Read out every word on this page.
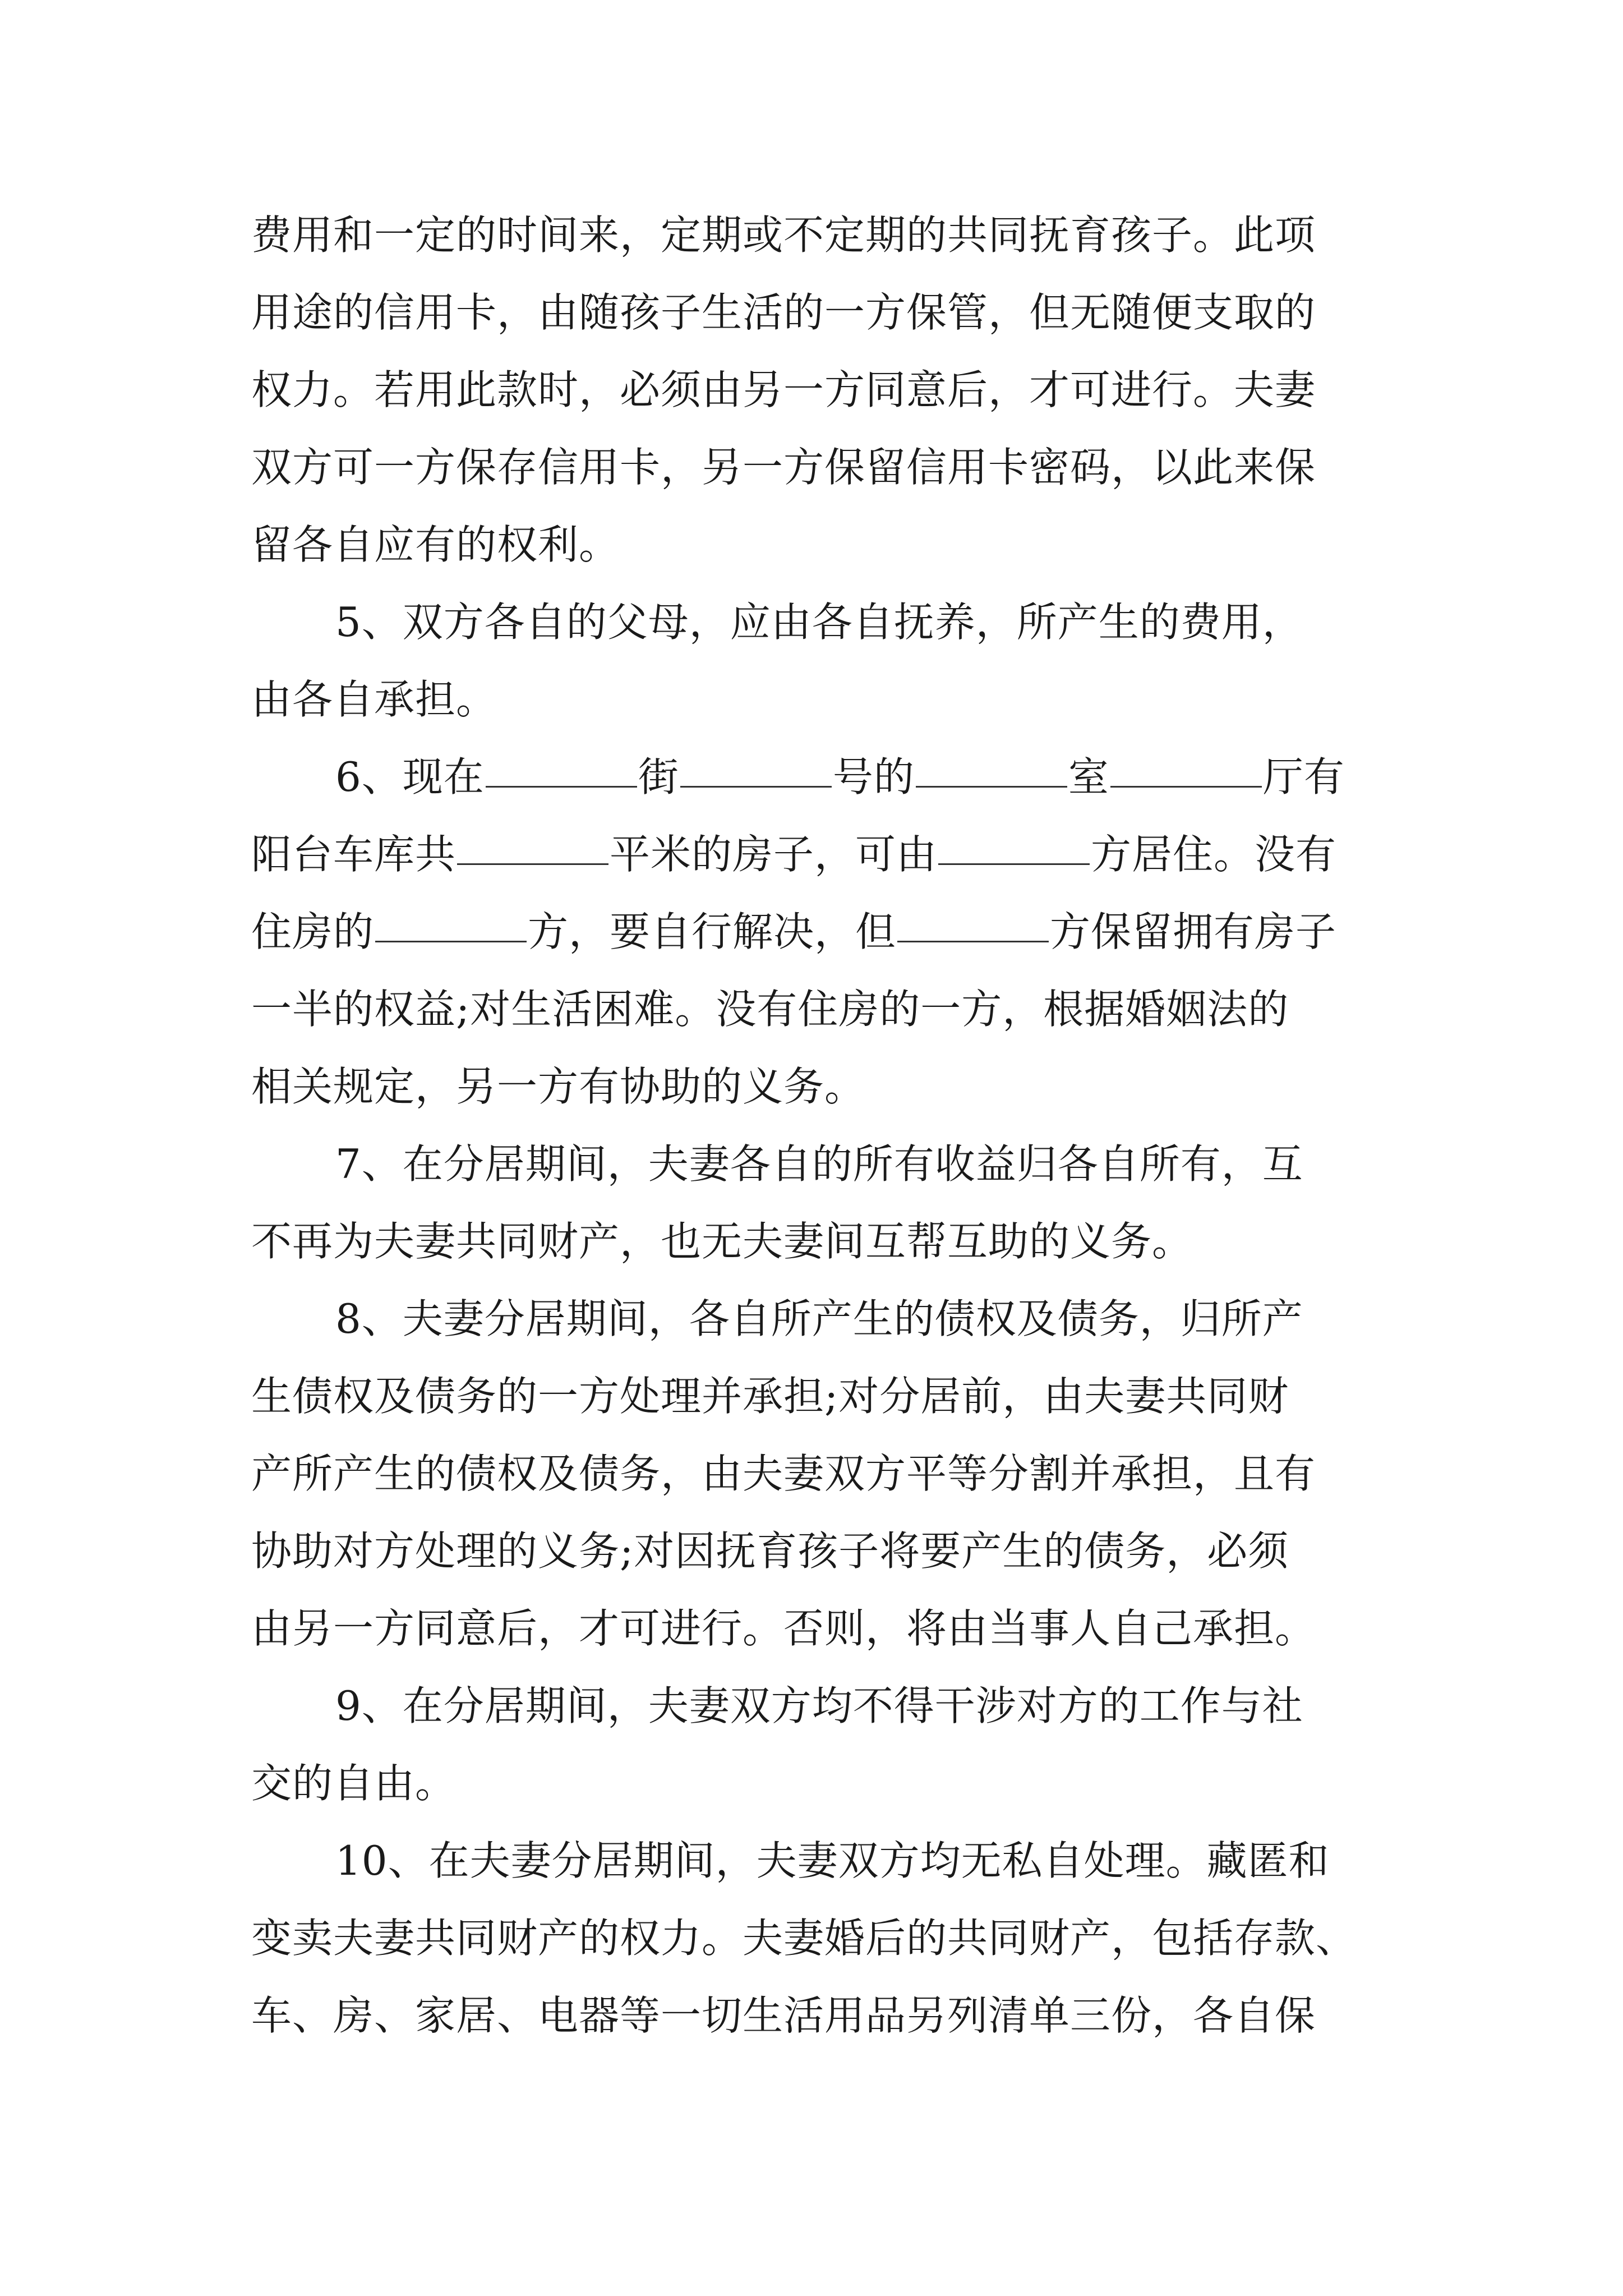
费用和一定的时间来，定期或不定期的共同抚育孩子。此项
用途的信用卡，由随孩子生活的一方保管，但无随便支取的
权力。若用此款时，必须由另一方同意后，才可进行。夫妻
双方可一方保存信用卡，另一方保留信用卡密码，以此来保
留各自应有的权利。
5、双方各自的父母，应由各自抚养，所产生的费用，
由各自承担。
6、现在	街	号的	室	厅有
阳台车库共	平米的房子，可由	方居住。没有
住房的	方，要自行解决，但	方保留拥有房子
一半的权益;对生活困难。没有住房的一方，根据婚姻法的
相关规定，另一方有协助的义务。
7、在分居期间，夫妻各自的所有收益归各自所有，互
不再为夫妻共同财产，也无夫妻间互帮互助的义务。
8、夫妻分居期间，各自所产生的债权及债务，归所产
生债权及债务的一方处理并承担;对分居前，由夫妻共同财
产所产生的债权及债务，由夫妻双方平等分割并承担，且有
协助对方处理的义务;对因抚育孩子将要产生的债务，必须
由另一方同意后，才可进行。否则，将由当事人自己承担。
9、在分居期间，夫妻双方均不得干涉对方的工作与社
交的自由。
10、在夫妻分居期间，夫妻双方均无私自处理。藏匿和
变卖夫妻共同财产的权力。夫妻婚后的共同财产，包括存款、
车、房、家居、电器等一切生活用品另列清单三份，各自保
